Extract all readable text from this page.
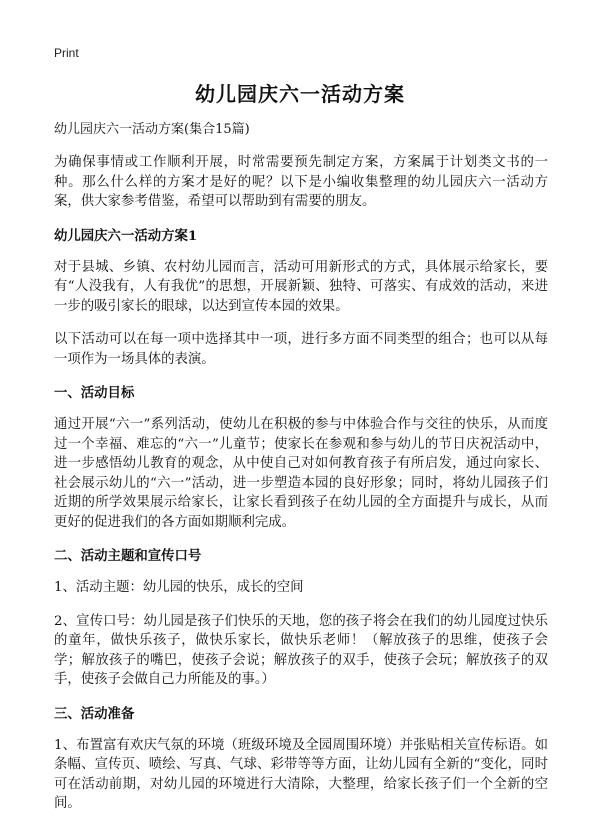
Print
幼儿园庆六一活动方案

幼儿园庆六一活动方案(集合15篇)

为确保事情或工作顺利开展，时常需要预先制定方案，方案属于计划类文书的一种。那么什么样的方案才是好的呢？以下是小编收集整理的幼儿园庆六一活动方案，供大家参考借鉴，希望可以帮助到有需要的朋友。

幼儿园庆六一活动方案1

对于县城、乡镇、农村幼儿园而言，活动可用新形式的方式，具体展示给家长，要有“人没我有，人有我优”的思想，开展新颖、独特、可落实、有成效的活动，来进一步的吸引家长的眼球，以达到宣传本园的效果。

以下活动可以在每一项中选择其中一项，进行多方面不同类型的组合；也可以从每一项作为一场具体的表演。

一、活动目标

通过开展“六一”系列活动，使幼儿在积极的参与中体验合作与交往的快乐，从而度过一个幸福、难忘的“六一”儿童节；使家长在参观和参与幼儿的节日庆祝活动中，进一步感悟幼儿教育的观念，从中使自己对如何教育孩子有所启发，通过向家长、社会展示幼儿的“六一”活动，进一步塑造本园的良好形象；同时，将幼儿园孩子们近期的所学效果展示给家长，让家长看到孩子在幼儿园的全方面提升与成长，从而更好的促进我们的各方面如期顺利完成。

二、活动主题和宣传口号

1、活动主题：幼儿园的快乐，成长的空间

2、宣传口号：幼儿园是孩子们快乐的天地，您的孩子将会在我们的幼儿园度过快乐的童年，做快乐孩子，做快乐家长，做快乐老师！（解放孩子的思维，使孩子会学；解放孩子的嘴巴，使孩子会说；解放孩子的双手，使孩子会玩；解放孩子的双手，使孩子会做自己力所能及的事。）

三、活动准备

1、布置富有欢庆气氛的环境（班级环境及全园周围环境）并张贴相关宣传标语。如条幅、宣传页、喷绘、写真、气球、彩带等等方面，让幼儿园有全新的“变化，同时可在活动前期，对幼儿园的环境进行大清除，大整理，给家长孩子们一个全新的空间。
